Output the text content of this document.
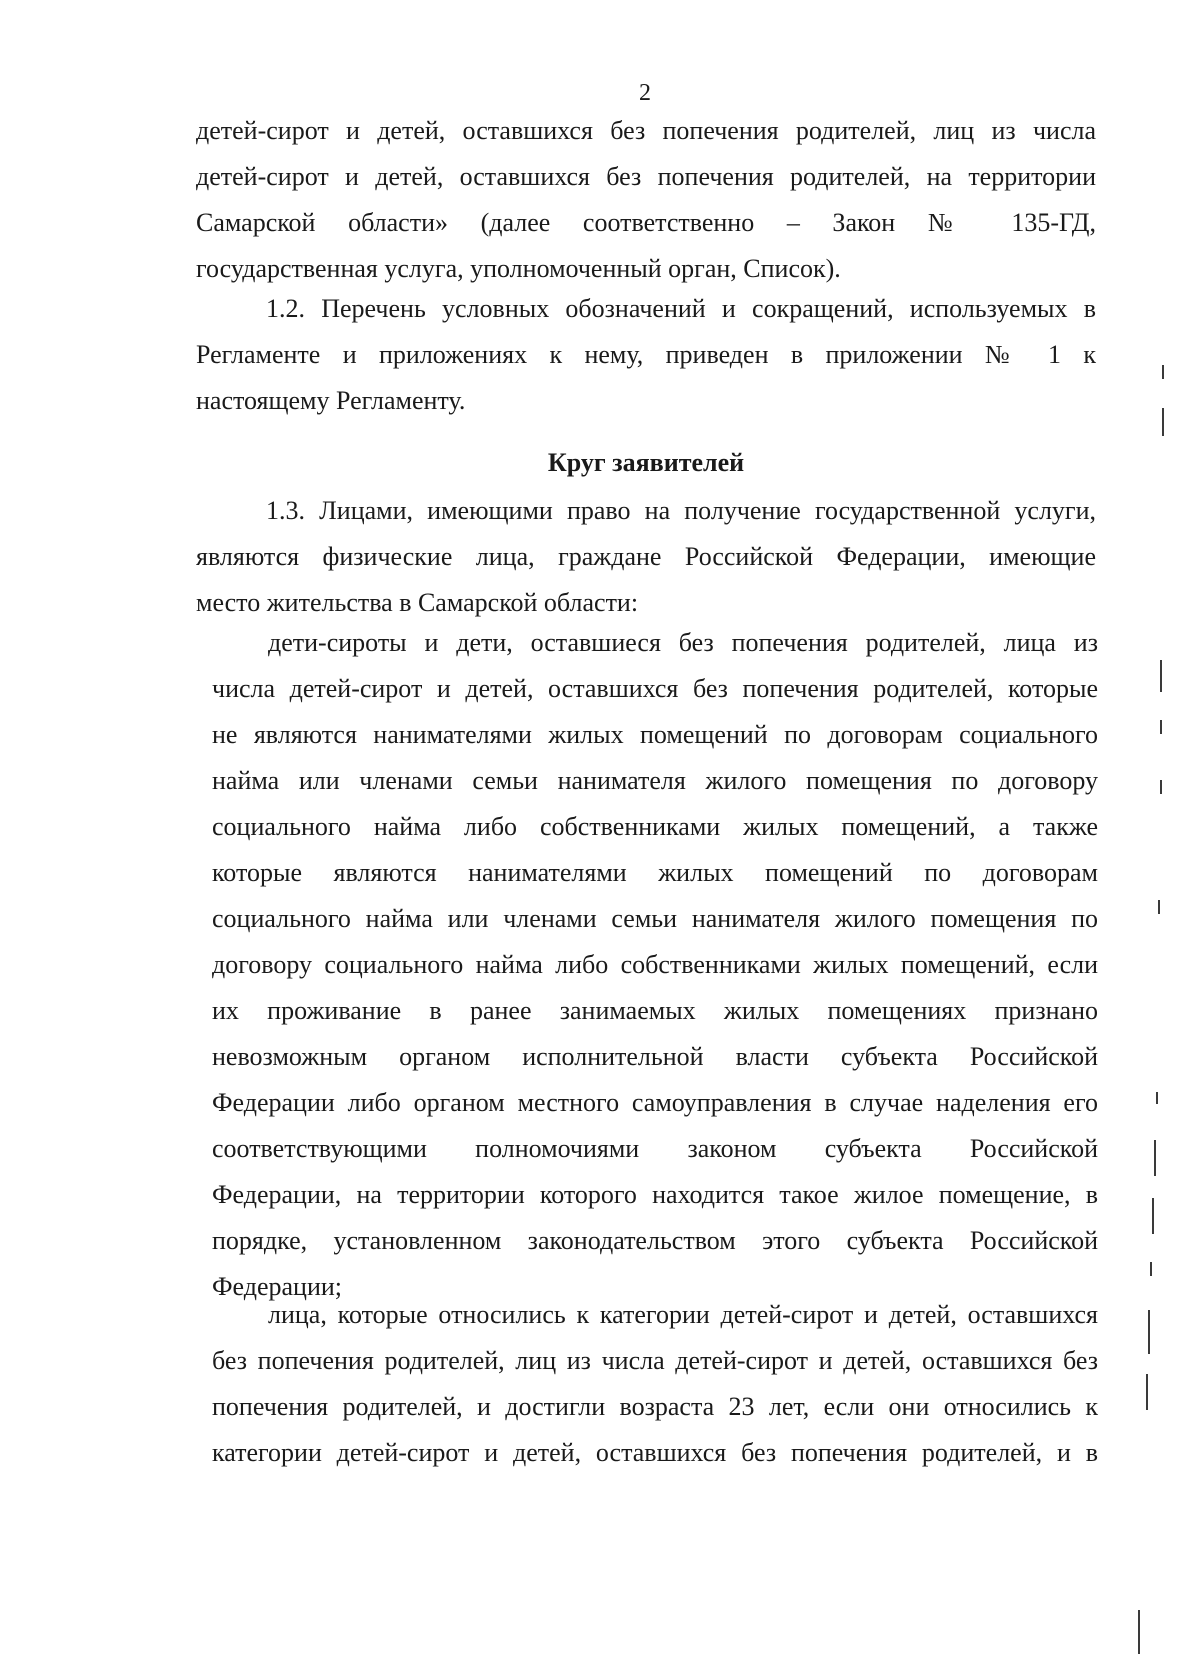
2
детей-сирот и детей, оставшихся без попечения родителей, лиц из числа
детей-сирот и детей, оставшихся без попечения родителей, на территории
Самарской области» (далее соответственно – Закон № 135-ГД,
государственная услуга, уполномоченный орган, Список).
1.2. Перечень условных обозначений и сокращений, используемых в
Регламенте и приложениях к нему, приведен в приложении № 1 к
настоящему Регламенту.
Круг заявителей
1.3. Лицами, имеющими право на получение государственной услуги,
являются физические лица, граждане Российской Федерации, имеющие
место жительства в Самарской области:
дети-сироты и дети, оставшиеся без попечения родителей, лица из
числа детей-сирот и детей, оставшихся без попечения родителей, которые
не являются нанимателями жилых помещений по договорам социального
найма или членами семьи нанимателя жилого помещения по договору
социального найма либо собственниками жилых помещений, а также
которые являются нанимателями жилых помещений по договорам
социального найма или членами семьи нанимателя жилого помещения по
договору социального найма либо собственниками жилых помещений, если
их проживание в ранее занимаемых жилых помещениях признано
невозможным органом исполнительной власти субъекта Российской
Федерации либо органом местного самоуправления в случае наделения его
соответствующими полномочиями законом субъекта Российской
Федерации, на территории которого находится такое жилое помещение, в
порядке, установленном законодательством этого субъекта Российской
Федерации;
лица, которые относились к категории детей-сирот и детей, оставшихся
без попечения родителей, лиц из числа детей-сирот и детей, оставшихся без
попечения родителей, и достигли возраста 23 лет, если они относились к
категории детей-сирот и детей, оставшихся без попечения родителей, и в
